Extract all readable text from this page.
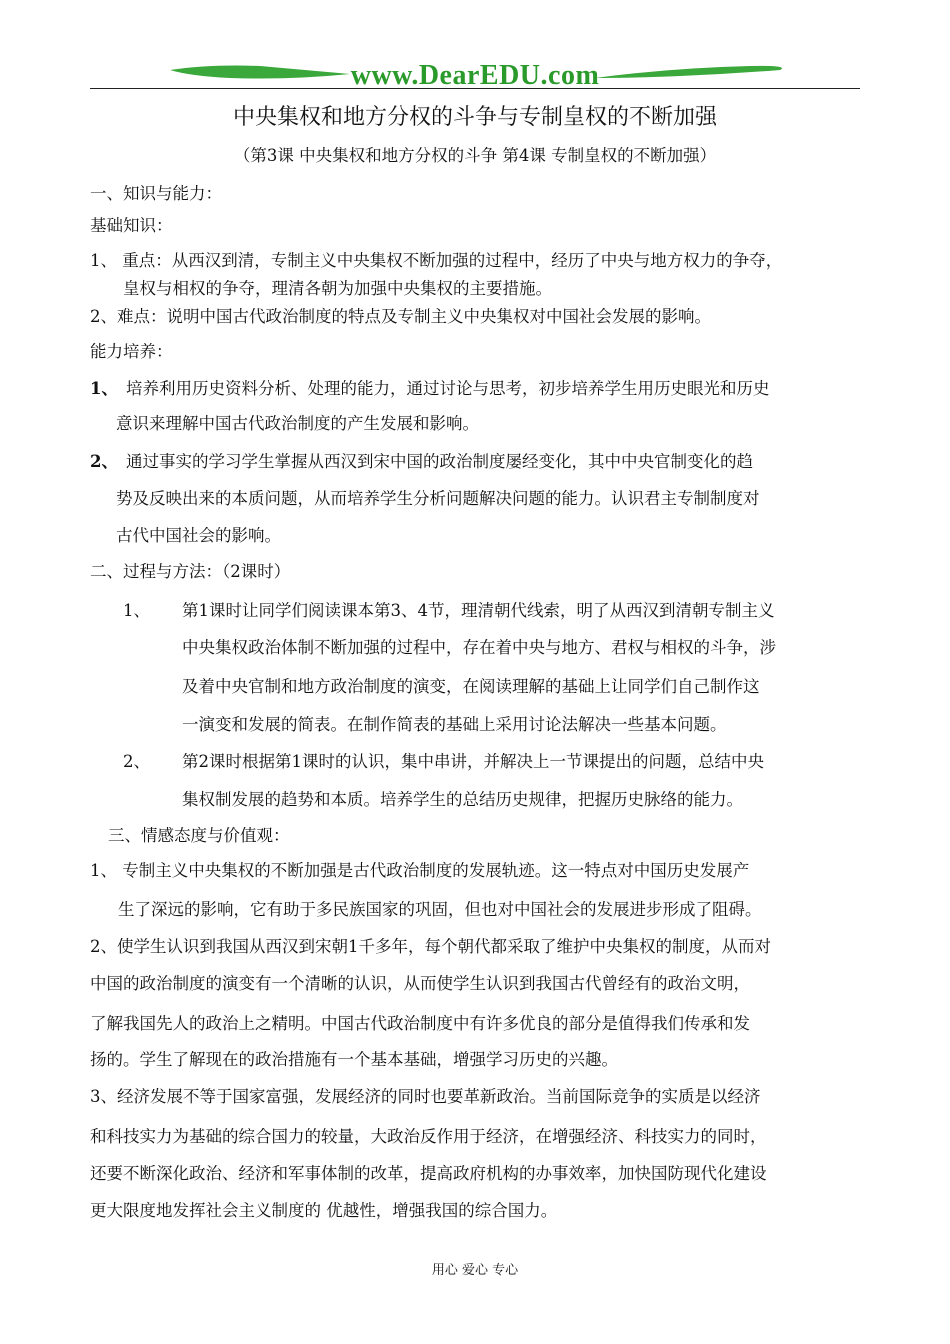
www.DearEDU.com
中央集权和地方分权的斗争与专制皇权的不断加强
（第3课 中央集权和地方分权的斗争 第4课 专制皇权的不断加强）
一、知识与能力：
基础知识：
1、 重点：从西汉到清，专制主义中央集权不断加强的过程中，经历了中央与地方权力的争夺，
皇权与相权的争夺，理清各朝为加强中央集权的主要措施。
2、难点：说明中国古代政治制度的特点及专制主义中央集权对中国社会发展的影响。
能力培养：
1、 培养利用历史资料分析、处理的能力，通过讨论与思考，初步培养学生用历史眼光和历史
意识来理解中国古代政治制度的产生发展和影响。
2、 通过事实的学习学生掌握从西汉到宋中国的政治制度屡经变化，其中中央官制变化的趋
势及反映出来的本质问题，从而培养学生分析问题解决问题的能力。认识君主专制制度对
古代中国社会的影响。
二、过程与方法：（2课时）
1、 第1课时让同学们阅读课本第3、4节，理清朝代线索，明了从西汉到清朝专制主义
中央集权政治体制不断加强的过程中，存在着中央与地方、君权与相权的斗争，涉
及着中央官制和地方政治制度的演变，在阅读理解的基础上让同学们自己制作这
一演变和发展的简表。在制作简表的基础上采用讨论法解决一些基本问题。
2、 第2课时根据第1课时的认识，集中串讲，并解决上一节课提出的问题，总结中央
集权制发展的趋势和本质。培养学生的总结历史规律，把握历史脉络的能力。
三、情感态度与价值观：
1、 专制主义中央集权的不断加强是古代政治制度的发展轨迹。这一特点对中国历史发展产
生了深远的影响，它有助于多民族国家的巩固，但也对中国社会的发展进步形成了阻碍。
2、使学生认识到我国从西汉到宋朝1千多年，每个朝代都采取了维护中央集权的制度，从而对
中国的政治制度的演变有一个清晰的认识，从而使学生认识到我国古代曾经有的政治文明，
了解我国先人的政治上之精明。中国古代政治制度中有许多优良的部分是值得我们传承和发
扬的。学生了解现在的政治措施有一个基本基础，增强学习历史的兴趣。
3、经济发展不等于国家富强，发展经济的同时也要革新政治。当前国际竞争的实质是以经济
和科技实力为基础的综合国力的较量，大政治反作用于经济，在增强经济、科技实力的同时，
还要不断深化政治、经济和军事体制的改革，提高政府机构的办事效率，加快国防现代化建设
更大限度地发挥社会主义制度的 优越性，增强我国的综合国力。
用心 爱心 专心
